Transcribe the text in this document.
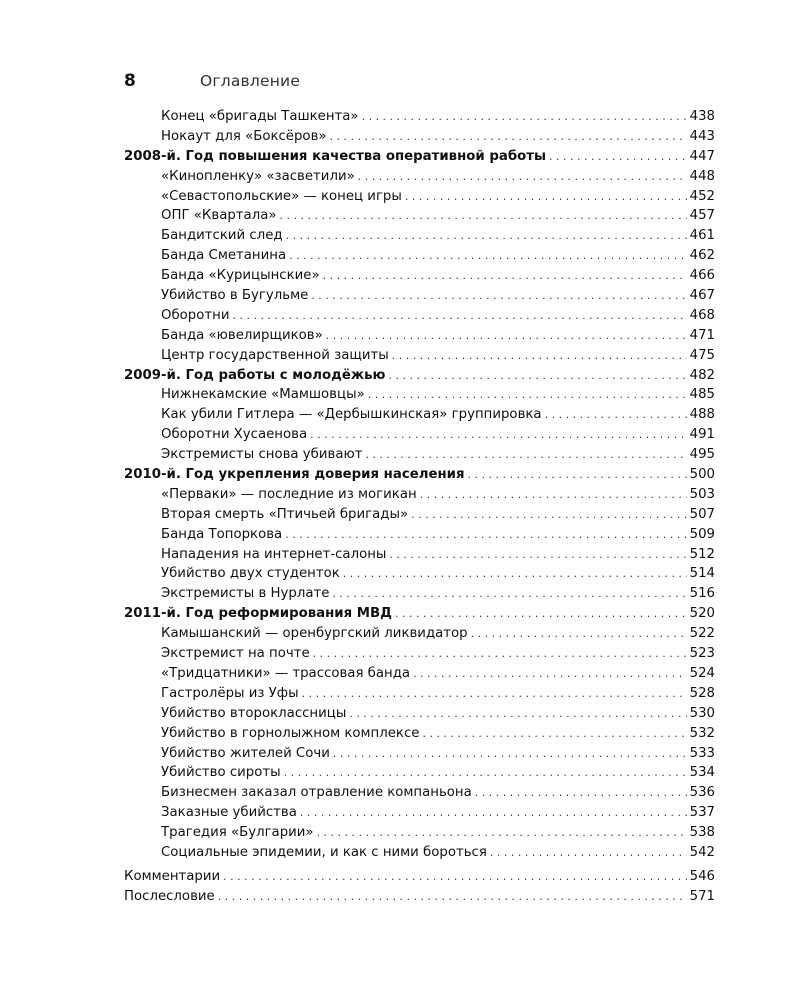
8	Оглавление
Конец «бригады Ташкента» . . .	438
Нокаут для «Боксёров» . . .	443
2008-й. Год повышения качества оперативной работы . . .	447
«Кинопленку» «засветили» . . .	448
«Севастопольские» — конец игры . . .	452
ОПГ «Квартала» . . .	457
Бандитский след . . .	461
Банда Сметанина . . .	462
Банда «Курицынские» . . .	466
Убийство в Бугульме . . .	467
Оборотни . . .	468
Банда «ювелирщиков» . . .	471
Центр государственной защиты . . .	475
2009-й. Год работы с молодёжью . . .	482
Нижнекамские «Мамшовцы» . . .	485
Как убили Гитлера — «Дербышкинская» группировка . . .	488
Оборотни Хусаенова . . .	491
Экстремисты снова убивают . . .	495
2010-й. Год укрепления доверия населения . . .	500
«Перваки» — последние из могикан . . .	503
Вторая смерть «Птичьей бригады» . . .	507
Банда Топоркова . . .	509
Нападения на интернет-салоны . . .	512
Убийство двух студенток . . .	514
Экстремисты в Нурлате . . .	516
2011-й. Год реформирования МВД . . .	520
Камышанский — оренбургский ликвидатор . . .	522
Экстремист на почте . . .	523
«Тридцатники» — трассовая банда . . .	524
Гастролёры из Уфы . . .	528
Убийство второклассницы . . .	530
Убийство в горнолыжном комплексе . . .	532
Убийство жителей Сочи . . .	533
Убийство сироты . . .	534
Бизнесмен заказал отравление компаньона . . .	536
Заказные убийства . . .	537
Трагедия «Булгарии» . . .	538
Социальные эпидемии, и как с ними бороться . . .	542
Комментарии . . .	546
Послесловие . . .	571
